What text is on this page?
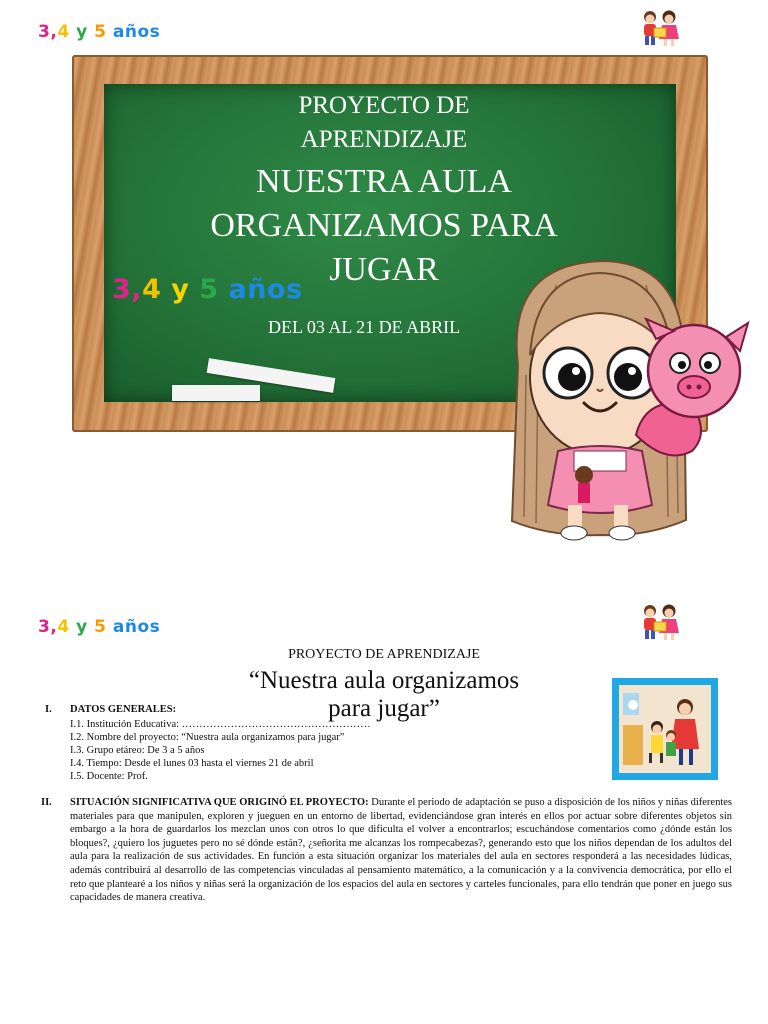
3,4 y 5 años
PROYECTO DE
APRENDIZAJE
NUESTRA AULA
ORGANIZAMOS PARA
JUGAR
3,4 y 5 años
DEL 03 AL 21 DE ABRIL
3,4 y 5 años
PROYECTO DE APRENDIZAJE
“Nuestra aula organizamos
para jugar”
I. DATOS GENERALES:
I.1. Institución Educativa: ………………………………………………
I.2. Nombre del proyecto: “Nuestra aula organizamos para jugar”
I.3. Grupo etáreo: De 3 a 5 años
I.4. Tiempo: Desde el lunes 03 hasta el viernes 21 de abril
I.5. Docente: Prof.
II. SITUACIÓN SIGNIFICATIVA QUE ORIGINÓ EL PROYECTO: Durante el periodo de adaptación se puso a disposición de los niños y niñas diferentes materiales para que manipulen, exploren y jueguen en un entorno de libertad, evidenciándose gran interés en ellos por actuar sobre diferentes objetos sin embargo a la hora de guardarlos los mezclan unos con otros lo que dificulta el volver a encontrarlos; escuchándose comentarios como ¿dónde están los bloques?, ¿quiero los juguetes pero no sé dónde están?, ¿señorita me alcanzas los rompecabezas?, generando esto que los niños dependan de los adultos del aula para la realización de sus actividades. En función a esta situación organizar los materiales del aula en sectores responderá a las necesidades lúdicas, además contribuirá al desarrollo de las competencias vinculadas al pensamiento matemático, a la comunicación y a la convivencia democrática, por ello el reto que plantearé a los niños y niñas será la organización de los espacios del aula en sectores y carteles funcionales, para ello tendrán que poner en juego sus capacidades de manera creativa.
